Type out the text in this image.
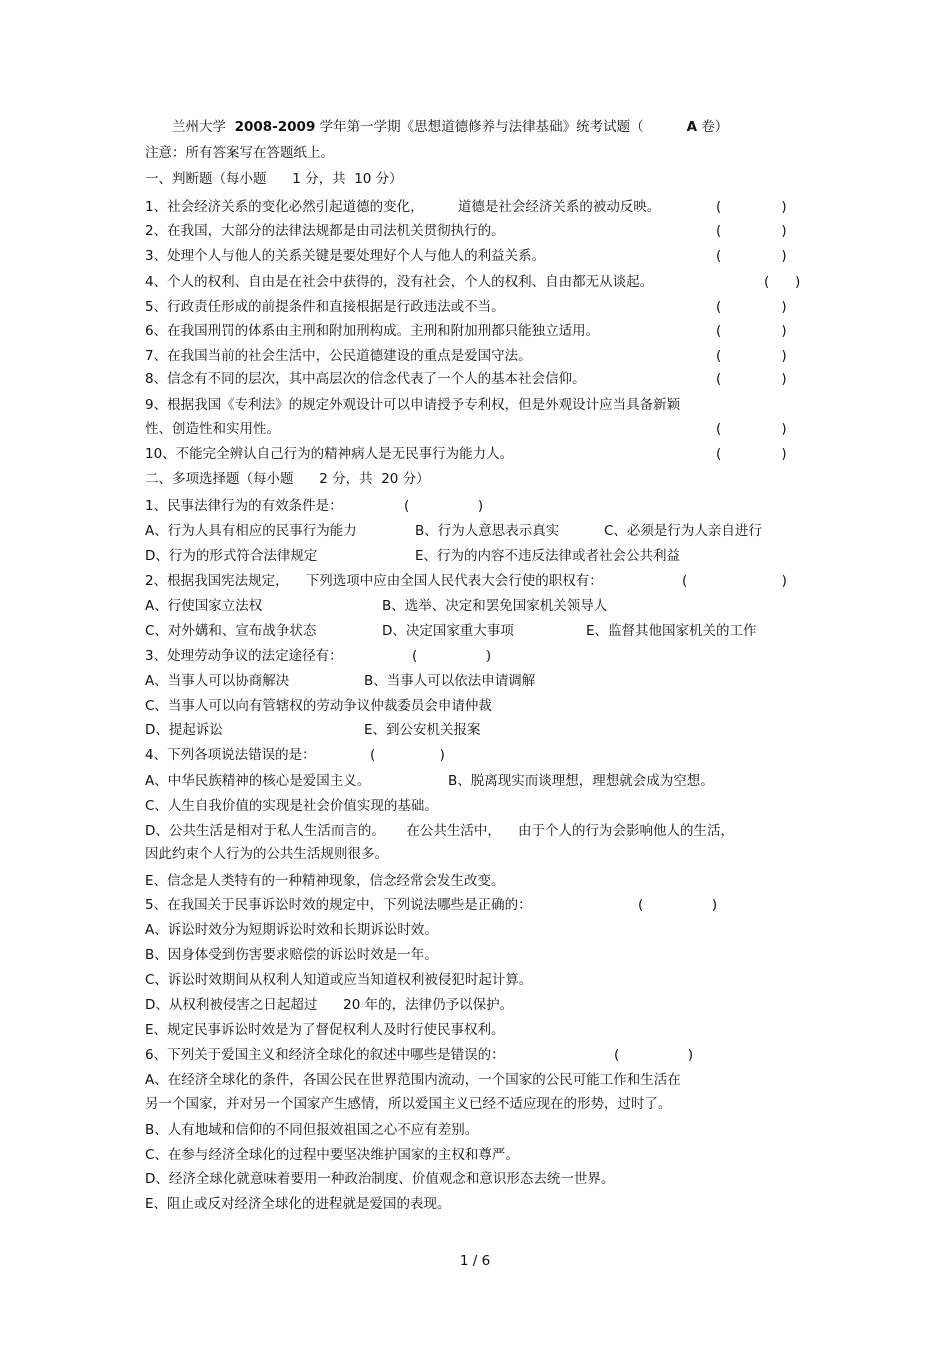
兰州大学 2008-2009 学年第一学期《思想道德修养与法律基础》统考试题（	A 卷）
注意：所有答案写在答题纸上。
一、判断题（每小题      1 分，共  10 分）
1、社会经济关系的变化必然引起道德的变化，        道德是社会经济关系的被动反映。	(              )
2、在我国，大部分的法律法规都是由司法机关贯彻执行的。	(              )
3、处理个人与他人的关系关键是要处理好个人与他人的利益关系。	(              )
4、个人的权利、自由是在社会中获得的，没有社会，个人的权利、自由都无从谈起。	(      )
5、行政责任形成的前提条件和直接根据是行政违法或不当。	(              )
6、在我国刑罚的体系由主刑和附加刑构成。主刑和附加刑都只能独立适用。	(              )
7、在我国当前的社会生活中，公民道德建设的重点是爱国守法。	(              )
8、信念有不同的层次，其中高层次的信念代表了一个人的基本社会信仰。	(              )
9、根据我国《专利法》的规定外观设计可以申请授予专利权，但是外观设计应当具备新颖
性、创造性和实用性。	(              )
10、不能完全辨认自己行为的精神病人是无民事行为能力人。	(              )
二、多项选择题（每小题      2 分，共  20 分）
1、民事法律行为的有效条件是：	(                )
A、行为人具有相应的民事行为能力	B、行为人意思表示真实	C、必须是行为人亲自进行
D、行为的形式符合法律规定	E、行为的内容不违反法律或者社会公共利益
2、根据我国宪法规定，    下列选项中应由全国人民代表大会行使的职权有：	(                      )
A、行使国家立法权	B、选举、决定和罢免国家机关领导人
C、对外媾和、宣布战争状态	D、决定国家重大事项	E、监督其他国家机关的工作
3、处理劳动争议的法定途径有：	(                )
A、当事人可以协商解决	B、当事人可以依法申请调解
C、当事人可以向有管辖权的劳动争议仲裁委员会申请仲裁
D、提起诉讼	E、到公安机关报案
4、下列各项说法错误的是：	(               )
A、中华民族精神的核心是爱国主义。	B、脱离现实而谈理想，理想就会成为空想。
C、人生自我价值的实现是社会价值实现的基础。
D、公共生活是相对于私人生活而言的。     在公共生活中，    由于个人的行为会影响他人的生活，
因此约束个人行为的公共生活规则很多。
E、信念是人类特有的一种精神现象，信念经常会发生改变。
5、在我国关于民事诉讼时效的规定中，下列说法哪些是正确的：	(                )
A、诉讼时效分为短期诉讼时效和长期诉讼时效。
B、因身体受到伤害要求赔偿的诉讼时效是一年。
C、诉讼时效期间从权利人知道或应当知道权利被侵犯时起计算。
D、从权利被侵害之日起超过      20 年的，法律仍予以保护。
E、规定民事诉讼时效是为了督促权利人及时行使民事权利。
6、下列关于爱国主义和经济全球化的叙述中哪些是错误的：	(                )
A、在经济全球化的条件，各国公民在世界范围内流动，一个国家的公民可能工作和生活在
另一个国家，并对另一个国家产生感情，所以爱国主义已经不适应现在的形势，过时了。
B、人有地域和信仰的不同但报效祖国之心不应有差别。
C、在参与经济全球化的过程中要坚决维护国家的主权和尊严。
D、经济全球化就意味着要用一种政治制度、价值观念和意识形态去统一世界。
E、阻止或反对经济全球化的进程就是爱国的表现。
1 / 6
